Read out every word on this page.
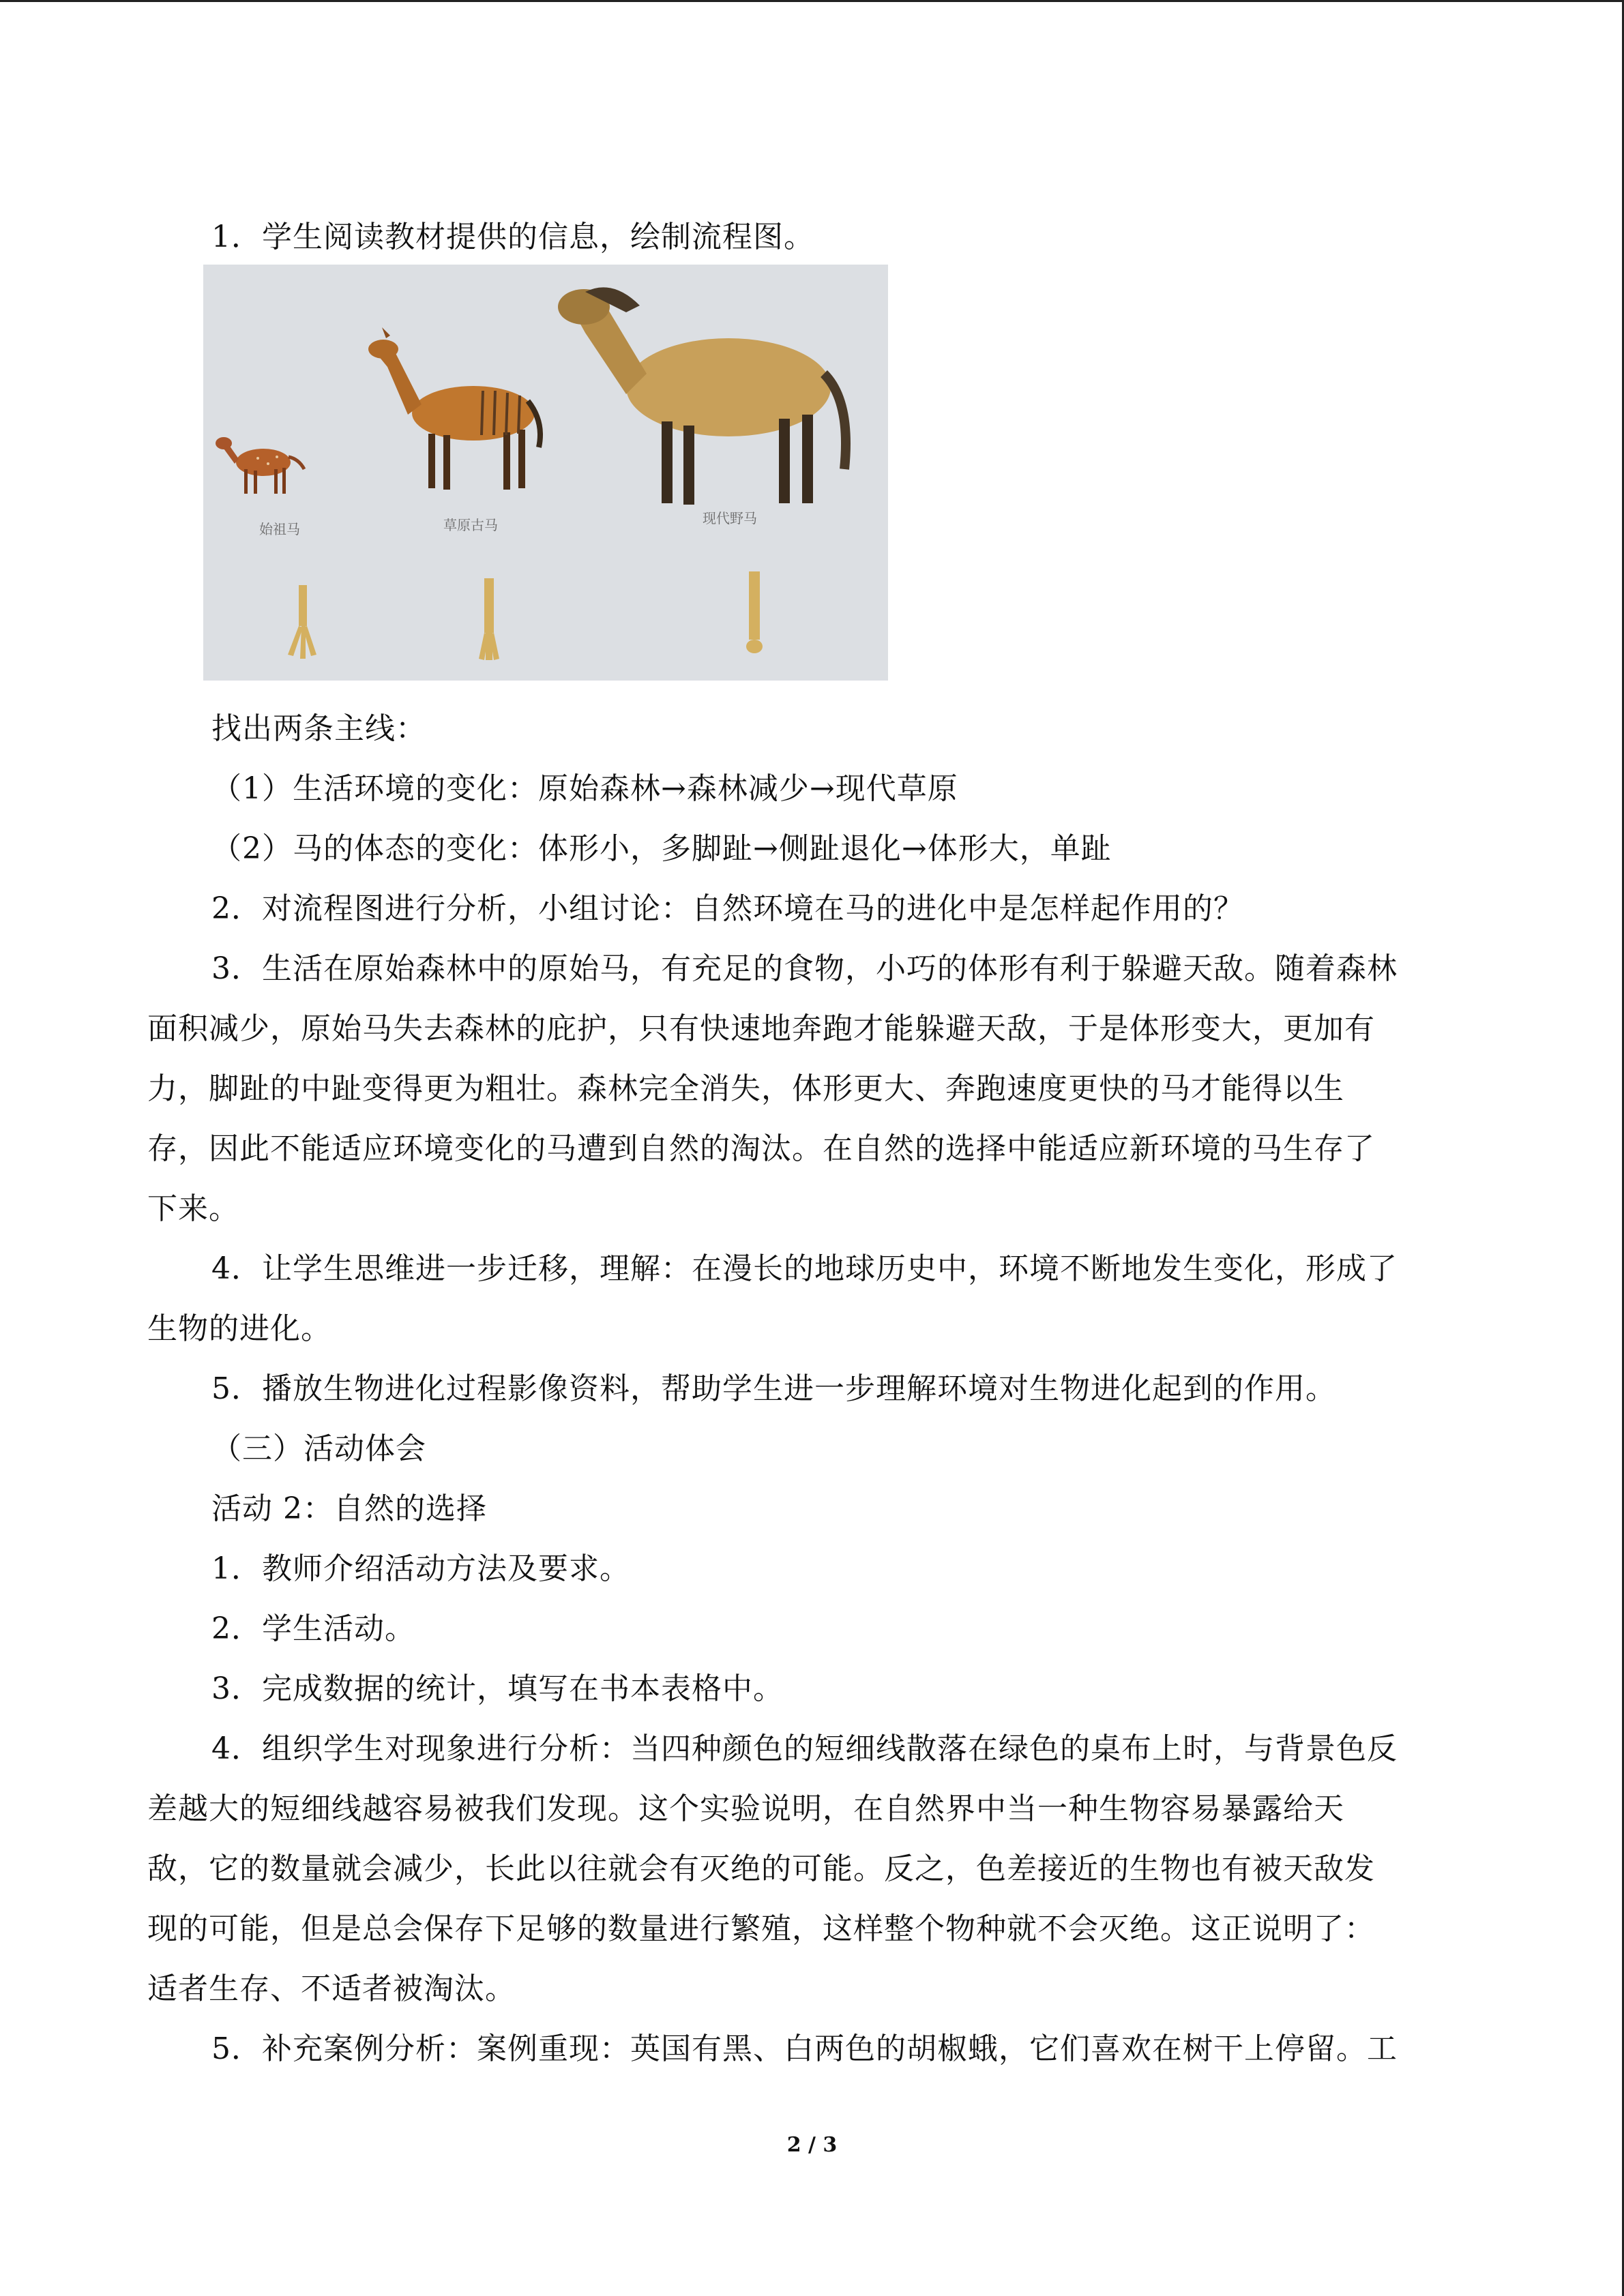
1．学生阅读教材提供的信息，绘制流程图。
始祖马	草原古马	现代野马
找出两条主线：
（1）生活环境的变化：原始森林→森林减少→现代草原
（2）马的体态的变化：体形小，多脚趾→侧趾退化→体形大，单趾
2．对流程图进行分析，小组讨论：自然环境在马的进化中是怎样起作用的？
3．生活在原始森林中的原始马，有充足的食物，小巧的体形有利于躲避天敌。随着森林
面积减少，原始马失去森林的庇护，只有快速地奔跑才能躲避天敌，于是体形变大，更加有
力，脚趾的中趾变得更为粗壮。森林完全消失，体形更大、奔跑速度更快的马才能得以生
存，因此不能适应环境变化的马遭到自然的淘汰。在自然的选择中能适应新环境的马生存了
下来。
4．让学生思维进一步迁移，理解：在漫长的地球历史中，环境不断地发生变化，形成了
生物的进化。
5．播放生物进化过程影像资料，帮助学生进一步理解环境对生物进化起到的作用。
（三）活动体会
活动 2：自然的选择
1．教师介绍活动方法及要求。
2．学生活动。
3．完成数据的统计，填写在书本表格中。
4．组织学生对现象进行分析：当四种颜色的短细线散落在绿色的桌布上时，与背景色反
差越大的短细线越容易被我们发现。这个实验说明，在自然界中当一种生物容易暴露给天
敌，它的数量就会减少，长此以往就会有灭绝的可能。反之，色差接近的生物也有被天敌发
现的可能，但是总会保存下足够的数量进行繁殖，这样整个物种就不会灭绝。这正说明了：
适者生存、不适者被淘汰。
5．补充案例分析：案例重现：英国有黑、白两色的胡椒蛾，它们喜欢在树干上停留。工
2 / 3
